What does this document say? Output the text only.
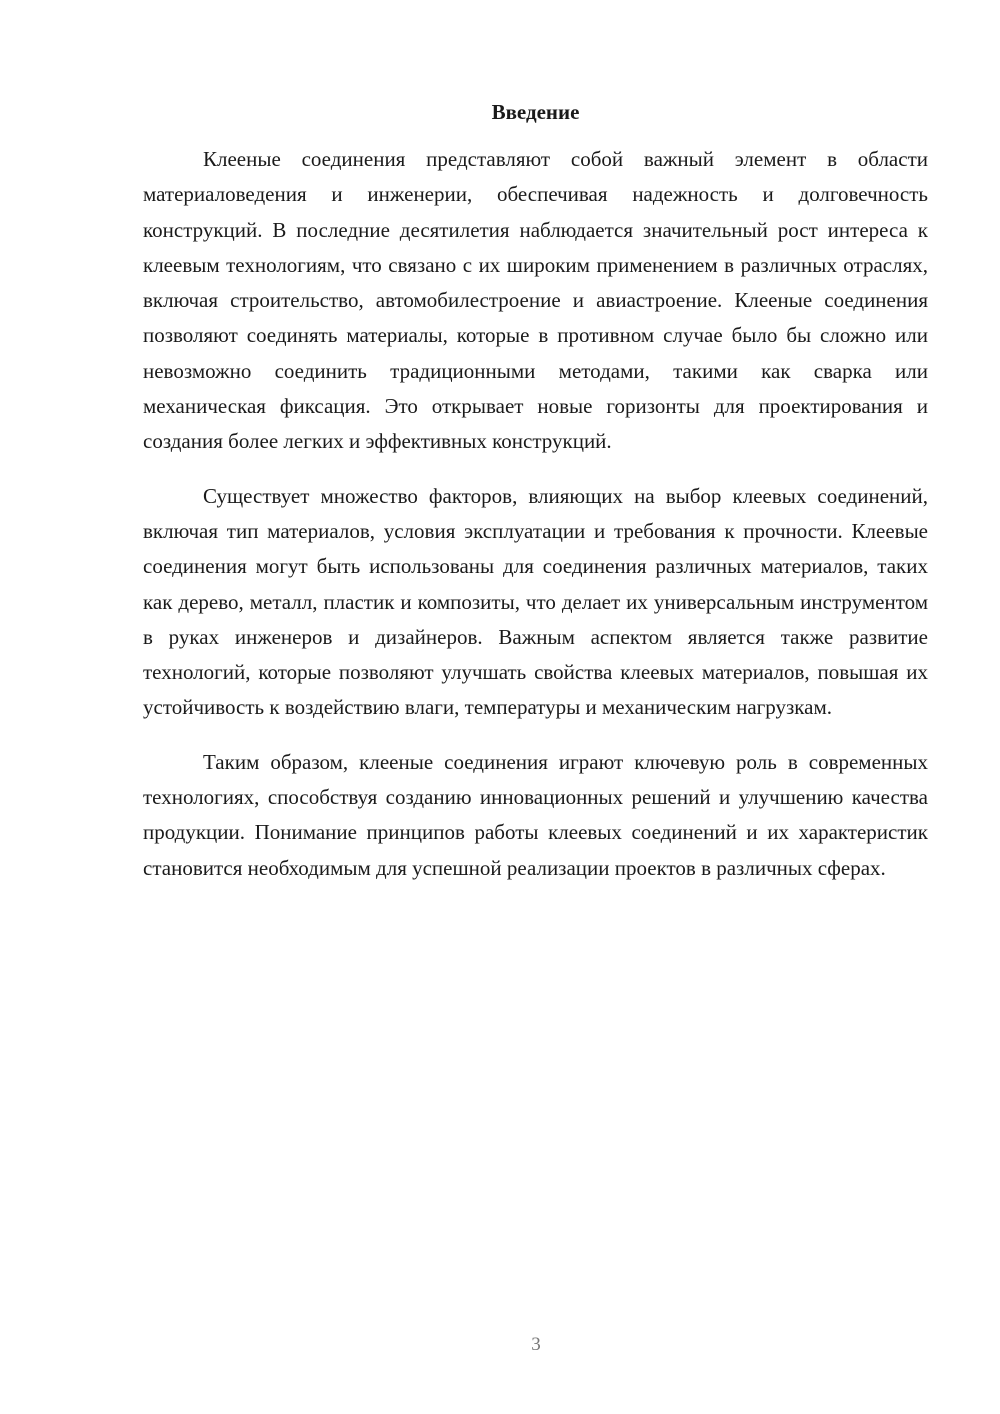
Введение

Клееные соединения представляют собой важный элемент в области материаловедения и инженерии, обеспечивая надежность и долговечность конструкций. В последние десятилетия наблюдается значительный рост интереса к клеевым технологиям, что связано с их широким применением в различных отраслях, включая строительство, автомобилестроение и авиастроение. Клееные соединения позволяют соединять материалы, которые в противном случае было бы сложно или невозможно соединить традиционными методами, такими как сварка или механическая фиксация. Это открывает новые горизонты для проектирования и создания более легких и эффективных конструкций.

Существует множество факторов, влияющих на выбор клеевых соединений, включая тип материалов, условия эксплуатации и требования к прочности. Клеевые соединения могут быть использованы для соединения различных материалов, таких как дерево, металл, пластик и композиты, что делает их универсальным инструментом в руках инженеров и дизайнеров. Важным аспектом является также развитие технологий, которые позволяют улучшать свойства клеевых материалов, повышая их устойчивость к воздействию влаги, температуры и механическим нагрузкам.

Таким образом, клееные соединения играют ключевую роль в современных технологиях, способствуя созданию инновационных решений и улучшению качества продукции. Понимание принципов работы клеевых соединений и их характеристик становится необходимым для успешной реализации проектов в различных сферах.

3
